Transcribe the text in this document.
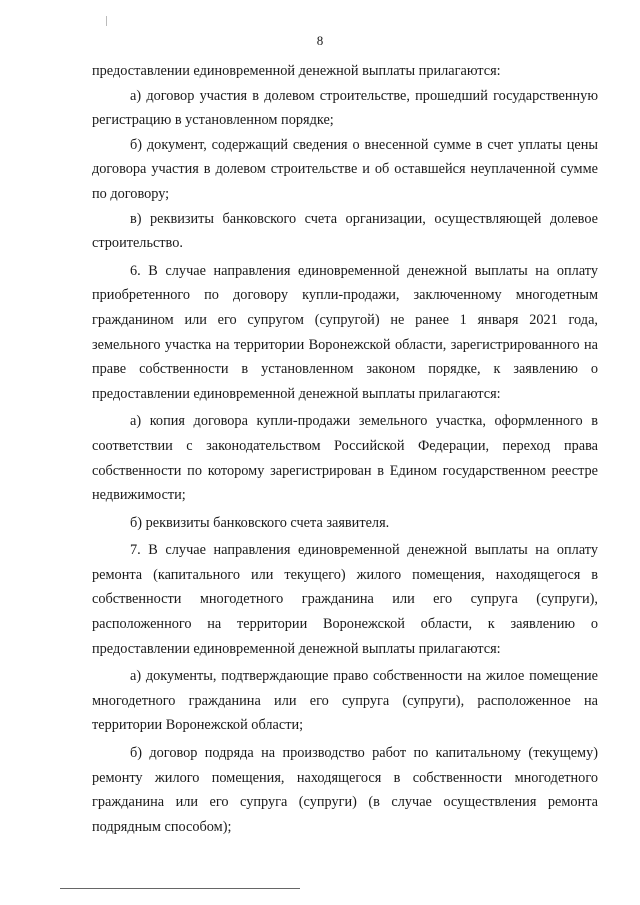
8

предоставлении единовременной денежной выплаты прилагаются:

а) договор участия в долевом строительстве, прошедший государственную регистрацию в установленном порядке;

б) документ, содержащий сведения о внесенной сумме в счет уплаты цены договора участия в долевом строительстве и об оставшейся неуплаченной сумме по договору;

в) реквизиты банковского счета организации, осуществляющей долевое строительство.

6. В случае направления единовременной денежной выплаты на оплату приобретенного по договору купли-продажи, заключенному многодетным гражданином или его супругом (супругой) не ранее 1 января 2021 года, земельного участка на территории Воронежской области, зарегистрированного на праве собственности в установленном законом порядке, к заявлению о предоставлении единовременной денежной выплаты прилагаются:

а) копия договора купли-продажи земельного участка, оформленного в соответствии с законодательством Российской Федерации, переход права собственности по которому зарегистрирован в Едином государственном реестре недвижимости;

б) реквизиты банковского счета заявителя.

7. В случае направления единовременной денежной выплаты на оплату ремонта (капитального или текущего) жилого помещения, находящегося в собственности многодетного гражданина или его супруга (супруги), расположенного на территории Воронежской области, к заявлению о предоставлении единовременной денежной выплаты прилагаются:

а) документы, подтверждающие право собственности на жилое помещение многодетного гражданина или его супруга (супруги), расположенное на территории Воронежской области;

б) договор подряда на производство работ по капитальному (текущему) ремонту жилого помещения, находящегося в собственности многодетного гражданина или его супруга (супруги) (в случае осуществления ремонта подрядным способом);
